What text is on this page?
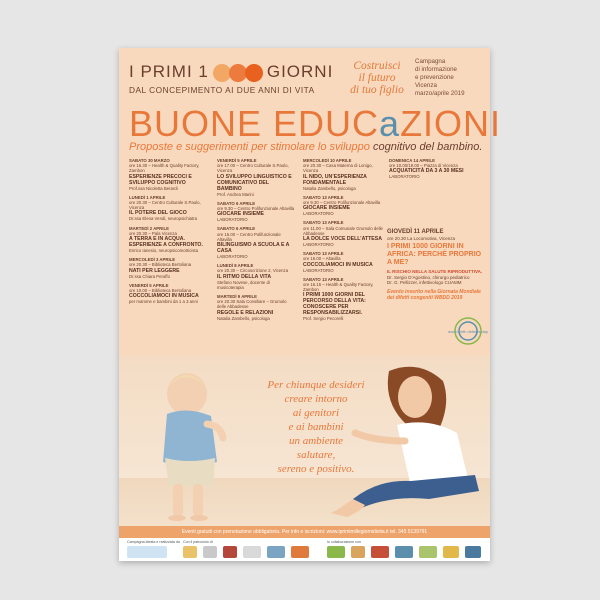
I PRIMI 1	GIORNI
DAL CONCEPIMENTO AI DUE ANNI DI VITA
Costruisci
il futuro
di tuo figlio
Campagna
di informazione
e prevenzione
Vicenza
marzo/aprile 2019
BUONE EDUCaZIONI
Proposte e suggerimenti per stimolare lo sviluppo cognitivo del bambino.
SABATO 30 MARZO
ore 16.30 – Health & Quality Factory, Zambon
ESPERIENZE PRECOCI E SVILUPPO COGNITIVO
Prof.ssa Nicoletta Berardi
LUNEDÌ 1 APRILE
ore 20.30 – Centro Culturale S.Paolo, Vicenza
IL POTERE DEL GIOCO
Dr.ssa Elena Vendi, neuropsichiatra
MARTEDÌ 2 APRILE
ore 20.30 – Pala Vicenza
A TERRA E IN ACQUA. ESPERIENZE A CONFRONTO.
Enrico Ianesio, neuropsicomotricista
MERCOLEDÌ 3 APRILE
ore 20.30 – Biblioteca Bertoliana
NATI PER LEGGERE
Dr.ssa Chiara Peruffo
VENERDÌ 5 APRILE
ore 10.00 – Biblioteca Bertoliana
COCCOLIAMOCI IN MUSICA
per mamme e bambini da 1 a 3 anni
VENERDÌ 5 APRILE
ore 17.00 – Centro Culturale S.Paolo, Vicenza
LO SVILUPPO LINGUISTICO E COMUNICATIVO DEL BAMBINO
Prof. Andrea Marini
SABATO 6 APRILE
ore 9.30 – Centro Polifunzionale Altavilla
GIOCARE INSIEME
LABORATORIO
SABATO 6 APRILE
ore 16.00 – Centro Polifunzionale Altavilla
BILINGUISMO A SCUOLA E A CASA
LABORATORIO
LUNEDÌ 8 APRILE
ore 20.30 – Circoscrizione 2, Vicenza
IL RITMO DELLA VITA
Stefano Novese, docente di musicoterapia
MARTEDÌ 9 APRILE
ore 20.30 Sala Consiliare – Grumolo delle Abbadesse
REGOLE E RELAZIONI
Natalia Zambello, psicologa
MERCOLEDÌ 10 APRILE
ore 20.30 – Casa Materna di Lonigo, Vicenza
IL NIDO, UN’ESPERIENZA FONDAMENTALE
Natalia Zambello, psicologa
SABATO 13 APRILE
ore 9.30 – Centro Polifunzionale Altavilla
GIOCARE INSIEME
LABORATORIO
SABATO 13 APRILE
ore 11.00 – Sala Comunale Grumolo delle Abbadesse
LA DOLCE VOCE DELL’ATTESA
LABORATORIO
SABATO 13 APRILE
ore 16.00 – Altavilla
COCCOLIAMOCI IN MUSICA
LABORATORIO
SABATO 13 APRILE
ore 16.15 – Health & Quality Factory, Zambon
I PRIMI 1000 GIORNI DEL PERCORSO DELLA VITA: CONOSCERE PER RESPONSABILIZZARSI.
Prof. Sergio Pecorelli
DOMENICA 14 APRILE
ore 10.00/18.00 – Piazza di Vicenza
ACQUATICITÀ DA 3 A 30 MESI
LABORATORIO
GIOVEDÌ 11 APRILE
ore 20.30 La Locomotiva, Vicenza
I PRIMI 1000 GIORNI IN AFRICA: PERCHÉ PROPRIO A ME?
IL RISCHIO NELLA SALUTE RIPRODUTTIVA.
Dr. Sergio D’Agostino, chirurgo pediatrico
Dr. G. Pellizzer, infettivologo CUAMM
Evento inserito nella Giornata Mondiale dei difetti congeniti WBDD 2019
world birth defects day
Per chiunque desideri
creare intorno
ai genitori
e ai bambini
un ambiente
salutare,
sereno e positivo.
Eventi gratuiti con prenotazione obbligatoria. Per info e iscrizioni: www.iprimimillegiornidivita.it tel. 345 5139791
Campagna ideata e realizzata da Con il patrocinio di	In collaborazione con
